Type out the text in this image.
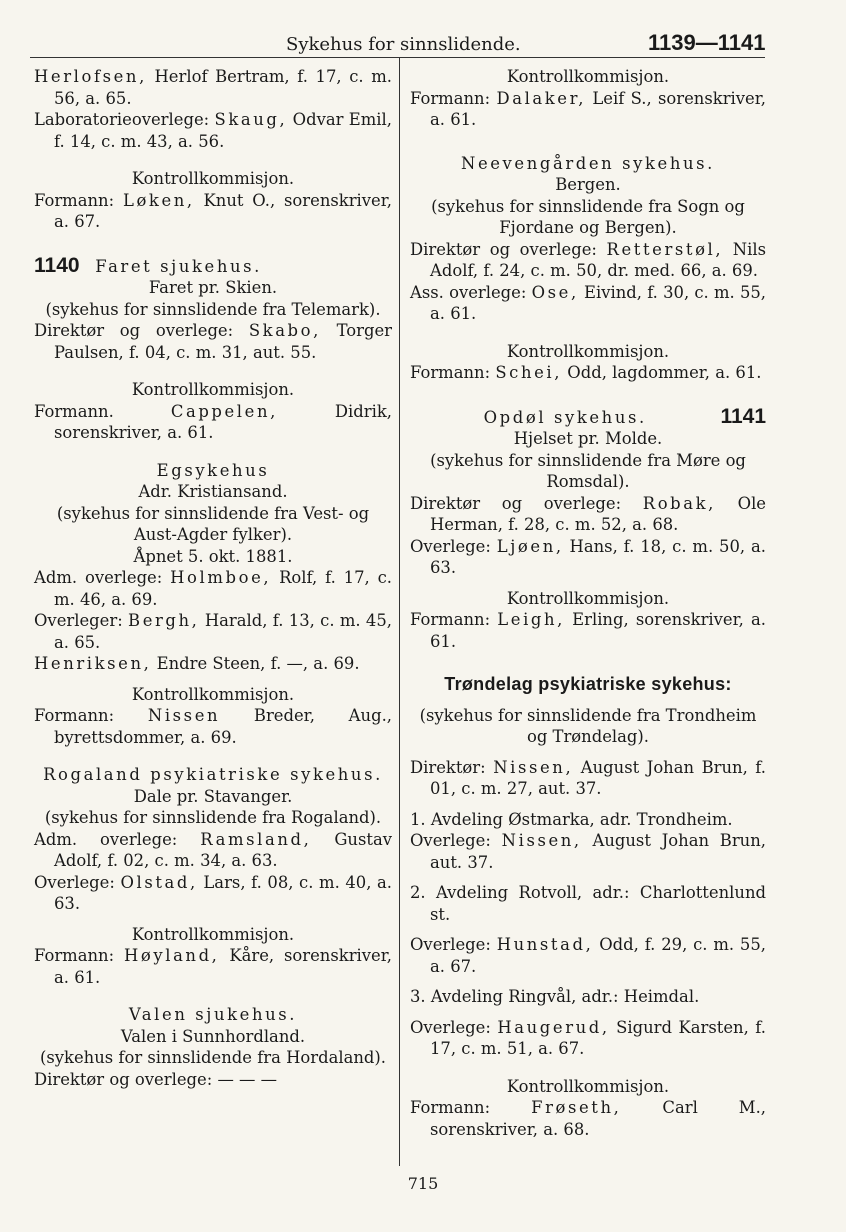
Sykehus for sinnslidende.	1139—1141

Herlofsen, Herlof Bertram, f. 17, c. m. 56, a. 65.

Laboratorieoverlege: Skaug, Odvar Emil, f. 14, c. m. 43, a. 56.

Kontrollkommisjon.

Formann: Løken, Knut O., sorenskriver, a. 67.

1140 Faret sjukehus.

Faret pr. Skien.

(sykehus for sinnslidende fra Telemark).

Direktør og overlege: Skabo, Torger Paulsen, f. 04, c. m. 31, aut. 55.

Kontrollkommisjon.

Formann. Cappelen, Didrik, sorenskriver, a. 61.

Egsykehus

Adr. Kristiansand.

(sykehus for sinnslidende fra Vest- og Aust-Agder fylker).

Åpnet 5. okt. 1881.

Adm. overlege: Holmboe, Rolf, f. 17, c. m. 46, a. 69.

Overleger: Bergh, Harald, f. 13, c. m. 45, a. 65.

Henriksen, Endre Steen, f. —, a. 69.

Kontrollkommisjon.

Formann: Nissen Breder, Aug., byrettsdommer, a. 69.

Rogaland psykiatriske sykehus.

Dale pr. Stavanger.

(sykehus for sinnslidende fra Rogaland).

Adm. overlege: Ramsland, Gustav Adolf, f. 02, c. m. 34, a. 63.

Overlege: Olstad, Lars, f. 08, c. m. 40, a. 63.

Kontrollkommisjon.

Formann: Høyland, Kåre, sorenskriver, a. 61.

Valen sjukehus.

Valen i Sunnhordland.

(sykehus for sinnslidende fra Hordaland).

Direktør og overlege: — — —

Kontrollkommisjon.

Formann: Dalaker, Leif S., sorenskriver, a. 61.

Neevengården sykehus.

Bergen.

(sykehus for sinnslidende fra Sogn og Fjordane og Bergen).

Direktør og overlege: Retterstøl, Nils Adolf, f. 24, c. m. 50, dr. med. 66, a. 69.

Ass. overlege: Ose, Eivind, f. 30, c. m. 55, a. 61.

Kontrollkommisjon.

Formann: Schei, Odd, lagdommer, a. 61.

Opdøl sykehus.	1141

Hjelset pr. Molde.

(sykehus for sinnslidende fra Møre og Romsdal).

Direktør og overlege: Robak, Ole Herman, f. 28, c. m. 52, a. 68.

Overlege: Ljøen, Hans, f. 18, c. m. 50, a. 63.

Kontrollkommisjon.

Formann: Leigh, Erling, sorenskriver, a. 61.

Trøndelag psykiatriske sykehus:

(sykehus for sinnslidende fra Trondheim og Trøndelag).

Direktør: Nissen, August Johan Brun, f. 01, c. m. 27, aut. 37.

1. Avdeling Østmarka, adr. Trondheim.

Overlege: Nissen, August Johan Brun, aut. 37.

2. Avdeling Rotvoll, adr.: Charlottenlund st.

Overlege: Hunstad, Odd, f. 29, c. m. 55, a. 67.

3. Avdeling Ringvål, adr.: Heimdal.

Overlege: Haugerud, Sigurd Karsten, f. 17, c. m. 51, a. 67.

Kontrollkommisjon.

Formann: Frøseth, Carl M., sorenskriver, a. 68.

715
